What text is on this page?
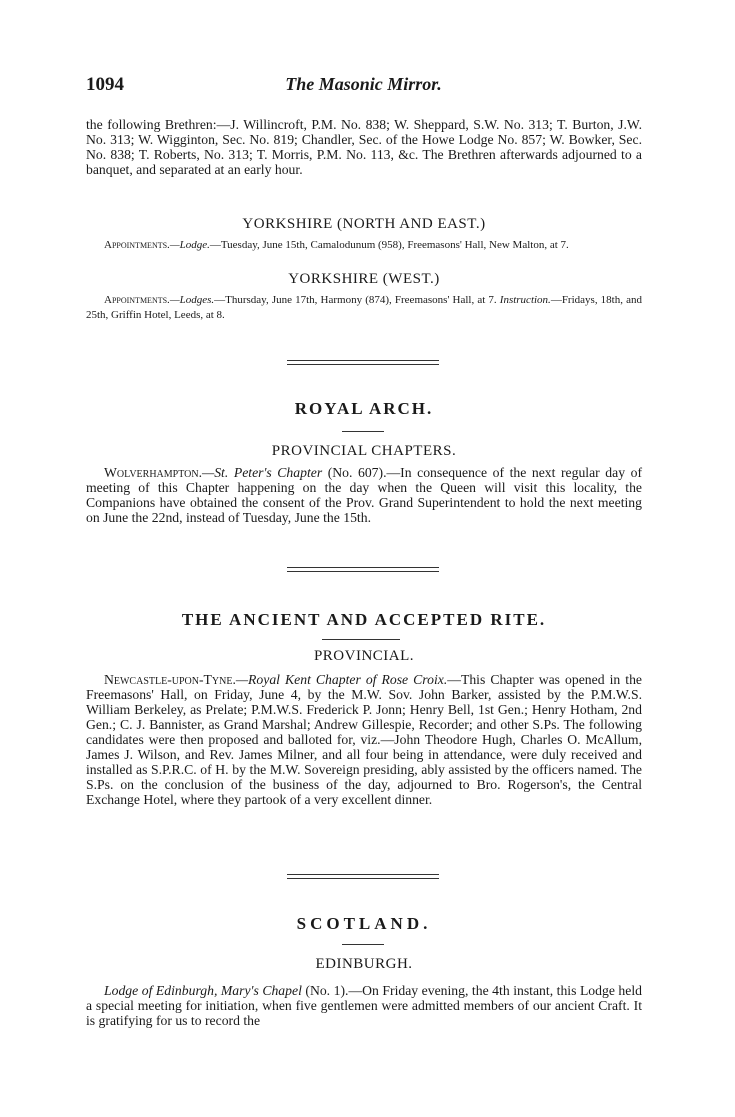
1094	The Masonic Mirror.
the following Brethren:—J. Willincroft, P.M. No. 838; W. Sheppard, S.W. No. 313; T. Burton, J.W. No. 313; W. Wigginton, Sec. No. 819; Chandler, Sec. of the Howe Lodge No. 857; W. Bowker, Sec. No. 838; T. Roberts, No. 313; T. Morris, P.M. No. 113, &c. The Brethren afterwards adjourned to a banquet, and separated at an early hour.
YORKSHIRE (NORTH AND EAST.)
Appointments.—Lodge.—Tuesday, June 15th, Camalodunum (958), Freemasons' Hall, New Malton, at 7.
YORKSHIRE (WEST.)
Appointments.—Lodges.—Thursday, June 17th, Harmony (874), Freemasons' Hall, at 7. Instruction.—Fridays, 18th, and 25th, Griffin Hotel, Leeds, at 8.
ROYAL ARCH.
PROVINCIAL CHAPTERS.
Wolverhampton.—St. Peter's Chapter (No. 607).—In consequence of the next regular day of meeting of this Chapter happening on the day when the Queen will visit this locality, the Companions have obtained the consent of the Prov. Grand Superintendent to hold the next meeting on June the 22nd, instead of Tuesday, June the 15th.
THE ANCIENT AND ACCEPTED RITE.
PROVINCIAL.
Newcastle-upon-Tyne.—Royal Kent Chapter of Rose Croix.—This Chapter was opened in the Freemasons' Hall, on Friday, June 4, by the M.W. Sov. John Barker, assisted by the P.M.W.S. William Berkeley, as Prelate; P.M.W.S. Frederick P. Jonn; Henry Bell, 1st Gen.; Henry Hotham, 2nd Gen.; C. J. Bannister, as Grand Marshal; Andrew Gillespie, Recorder; and other S.Ps. The following candidates were then proposed and balloted for, viz.—John Theodore Hugh, Charles O. McAllum, James J. Wilson, and Rev. James Milner, and all four being in attendance, were duly received and installed as S.P.R.C. of H. by the M.W. Sovereign presiding, ably assisted by the officers named. The S.Ps. on the conclusion of the business of the day, adjourned to Bro. Rogerson's, the Central Exchange Hotel, where they partook of a very excellent dinner.
SCOTLAND.
EDINBURGH.
Lodge of Edinburgh, Mary's Chapel (No. 1).—On Friday evening, the 4th instant, this Lodge held a special meeting for initiation, when five gentlemen were admitted members of our ancient Craft. It is gratifying for us to record the
